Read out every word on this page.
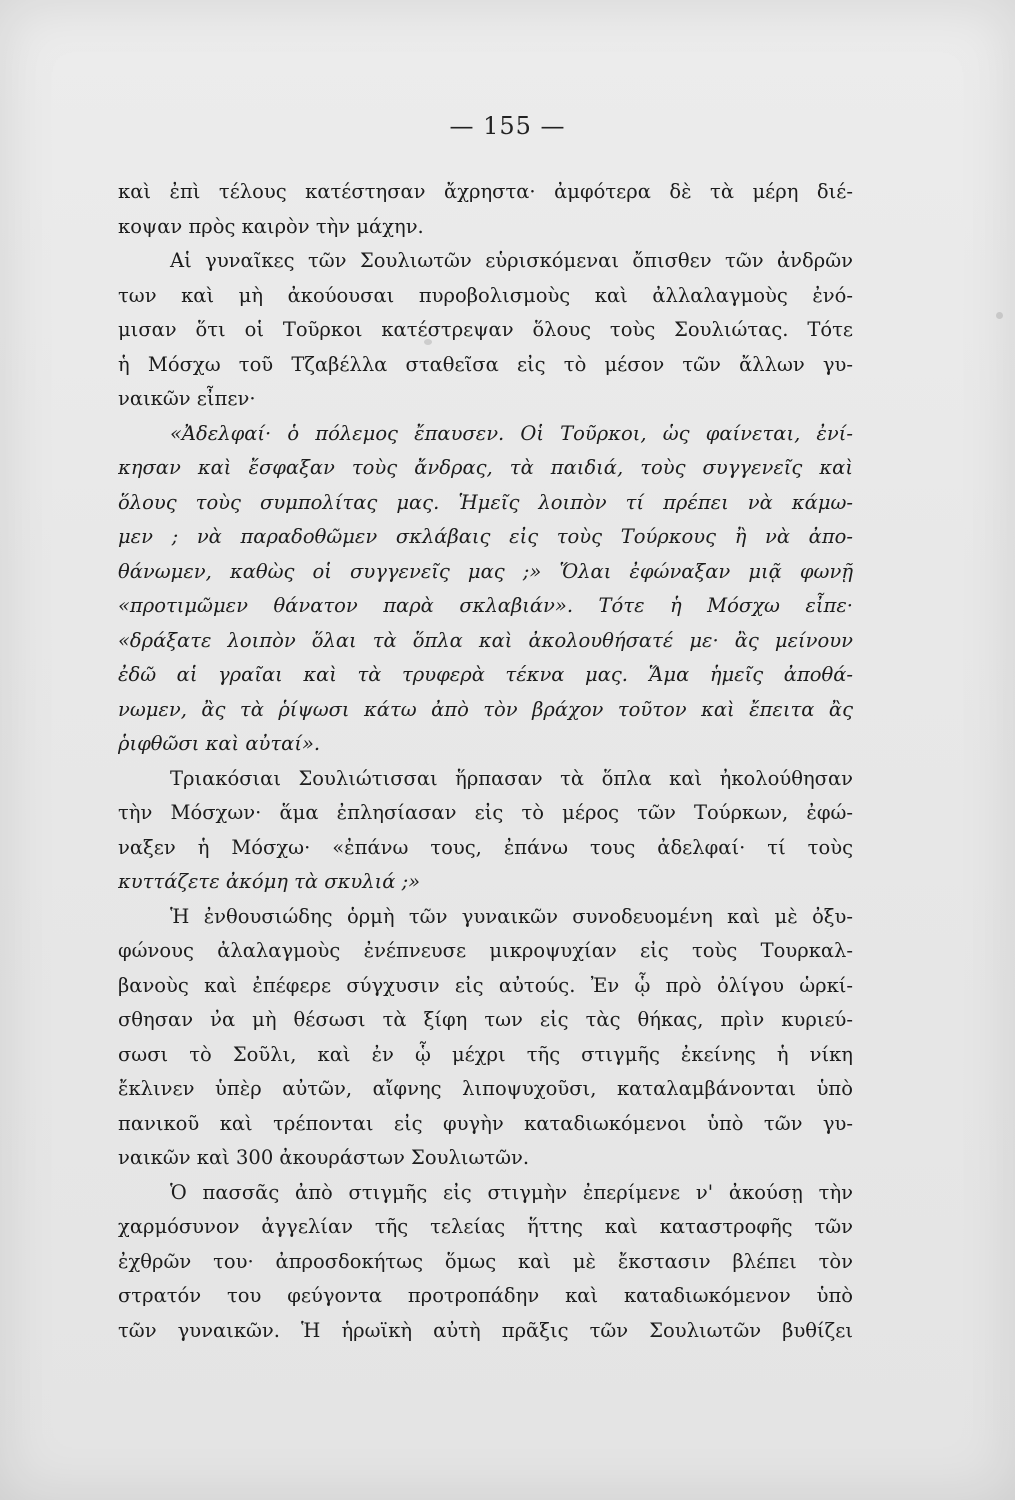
— 155 —
καὶ ἐπὶ τέλους κατέστησαν ἄχρηστα· ἀμφότερα δὲ τὰ μέρη διέ-
κοψαν πρὸς καιρὸν τὴν μάχην.
Αἱ γυναῖκες τῶν Σουλιωτῶν εὑρισκόμεναι ὄπισθεν τῶν ἀνδρῶν
των καὶ μὴ ἀκούουσαι πυροβολισμοὺς καὶ ἀλλαλαγμοὺς ἐνό-
μισαν ὅτι οἱ Τοῦρκοι κατέστρεψαν ὅλους τοὺς Σουλιώτας. Τότε
ἡ Μόσχω τοῦ Τζαβέλλα σταθεῖσα εἰς τὸ μέσον τῶν ἄλλων γυ-
ναικῶν εἶπεν·
«Ἀδελφαί· ὁ πόλεμος ἔπαυσεν. Οἱ Τοῦρκοι, ὡς φαίνεται, ἐνί-
κησαν καὶ ἔσφαξαν τοὺς ἄνδρας, τὰ παιδιά, τοὺς συγγενεῖς καὶ
ὅλους τοὺς συμπολίτας μας. Ἡμεῖς λοιπὸν τί πρέπει νὰ κάμω-
μεν ; νὰ παραδοθῶμεν σκλάβαις εἰς τοὺς Τούρκους ἢ νὰ ἀπο-
θάνωμεν, καθὼς οἱ συγγενεῖς μας ;» Ὅλαι ἐφώναξαν μιᾷ φωνῇ
«προτιμῶμεν θάνατον παρὰ σκλαβιάν». Τότε ἡ Μόσχω εἶπε·
«δράξατε λοιπὸν ὅλαι τὰ ὅπλα καὶ ἀκολουθήσατέ με· ἂς μείνουν
ἐδῶ αἱ γραῖαι καὶ τὰ τρυφερὰ τέκνα μας. Ἅμα ἡμεῖς ἀποθά-
νωμεν, ἂς τὰ ῥίψωσι κάτω ἀπὸ τὸν βράχον τοῦτον καὶ ἔπειτα ἂς
ῥιφθῶσι καὶ αὐταί».
Τριακόσιαι Σουλιώτισσαι ἥρπασαν τὰ ὅπλα καὶ ἠκολούθησαν
τὴν Μόσχων· ἅμα ἐπλησίασαν εἰς τὸ μέρος τῶν Τούρκων, ἐφώ-
ναξεν ἡ Μόσχω· «ἐπάνω τους, ἐπάνω τους ἀδελφαί· τί τοὺς
κυττάζετε ἀκόμη τὰ σκυλιά ;»
Ἡ ἐνθουσιώδης ὁρμὴ τῶν γυναικῶν συνοδευομένη καὶ μὲ ὀξυ-
φώνους ἀλαλαγμοὺς ἐνέπνευσε μικροψυχίαν εἰς τοὺς Τουρκαλ-
βανοὺς καὶ ἐπέφερε σύγχυσιν εἰς αὐτούς. Ἐν ᾧ πρὸ ὀλίγου ὡρκί-
σθησαν ν̓α μὴ θέσωσι τὰ ξίφη των εἰς τὰς θήκας, πρὶν κυριεύ-
σωσι τὸ Σοῦλι, καὶ ἐν ᾧ μέχρι τῆς στιγμῆς ἐκείνης ἡ νίκη
ἔκλινεν ὑπὲρ αὐτῶν, αἴφνης λιποψυχοῦσι, καταλαμβάνονται ὑπὸ
πανικοῦ καὶ τρέπονται εἰς φυγὴν καταδιωκόμενοι ὑπὸ τῶν γυ-
ναικῶν καὶ 300 ἀκουράστων Σουλιωτῶν.
Ὁ πασσᾶς ἀπὸ στιγμῆς εἰς στιγμὴν ἐπερίμενε ν' ἀκούσῃ τὴν
χαρμόσυνον ἀγγελίαν τῆς τελείας ἥττης καὶ καταστροφῆς τῶν
ἐχθρῶν του· ἀπροσδοκήτως ὅμως καὶ μὲ ἔκστασιν βλέπει τὸν
στρατόν του φεύγοντα προτροπάδην καὶ καταδιωκόμενον ὑπὸ
τῶν γυναικῶν. Ἡ ἡρωϊκὴ αὐτὴ πρᾶξις τῶν Σουλιωτῶν βυθίζει
